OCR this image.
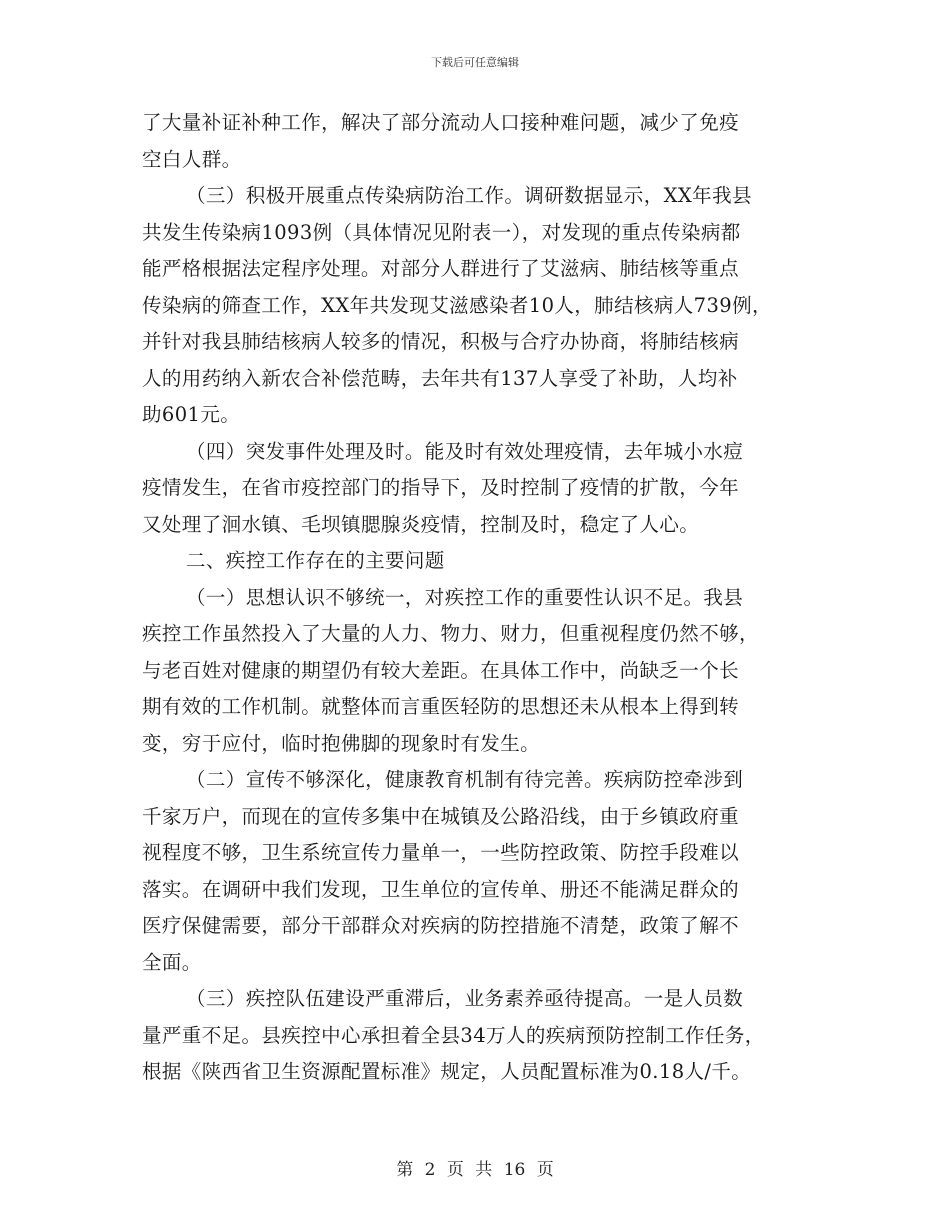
下载后可任意编辑
了大量补证补种工作，解决了部分流动人口接种难问题，减少了免疫
空白人群。
（三）积极开展重点传染病防治工作。调研数据显示，XX年我县
共发生传染病1093例（具体情况见附表一），对发现的重点传染病都
能严格根据法定程序处理。对部分人群进行了艾滋病、肺结核等重点
传染病的筛查工作，XX年共发现艾滋感染者10人，肺结核病人739例，
并针对我县肺结核病人较多的情况，积极与合疗办协商，将肺结核病
人的用药纳入新农合补偿范畴，去年共有137人享受了补助，人均补
助601元。
（四）突发事件处理及时。能及时有效处理疫情，去年城小水痘
疫情发生，在省市疫控部门的指导下，及时控制了疫情的扩散，今年
又处理了洄水镇、毛坝镇腮腺炎疫情，控制及时，稳定了人心。
二、疾控工作存在的主要问题
（一）思想认识不够统一，对疾控工作的重要性认识不足。我县
疾控工作虽然投入了大量的人力、物力、财力，但重视程度仍然不够，
与老百姓对健康的期望仍有较大差距。在具体工作中，尚缺乏一个长
期有效的工作机制。就整体而言重医轻防的思想还未从根本上得到转
变，穷于应付，临时抱佛脚的现象时有发生。
（二）宣传不够深化，健康教育机制有待完善。疾病防控牵涉到
千家万户，而现在的宣传多集中在城镇及公路沿线，由于乡镇政府重
视程度不够，卫生系统宣传力量单一，一些防控政策、防控手段难以
落实。在调研中我们发现，卫生单位的宣传单、册还不能满足群众的
医疗保健需要，部分干部群众对疾病的防控措施不清楚，政策了解不
全面。
（三）疾控队伍建设严重滞后，业务素养亟待提高。一是人员数
量严重不足。县疾控中心承担着全县34万人的疾病预防控制工作任务，
根据《陕西省卫生资源配置标准》规定，人员配置标准为0.18人/千。
第 2 页 共 16 页
